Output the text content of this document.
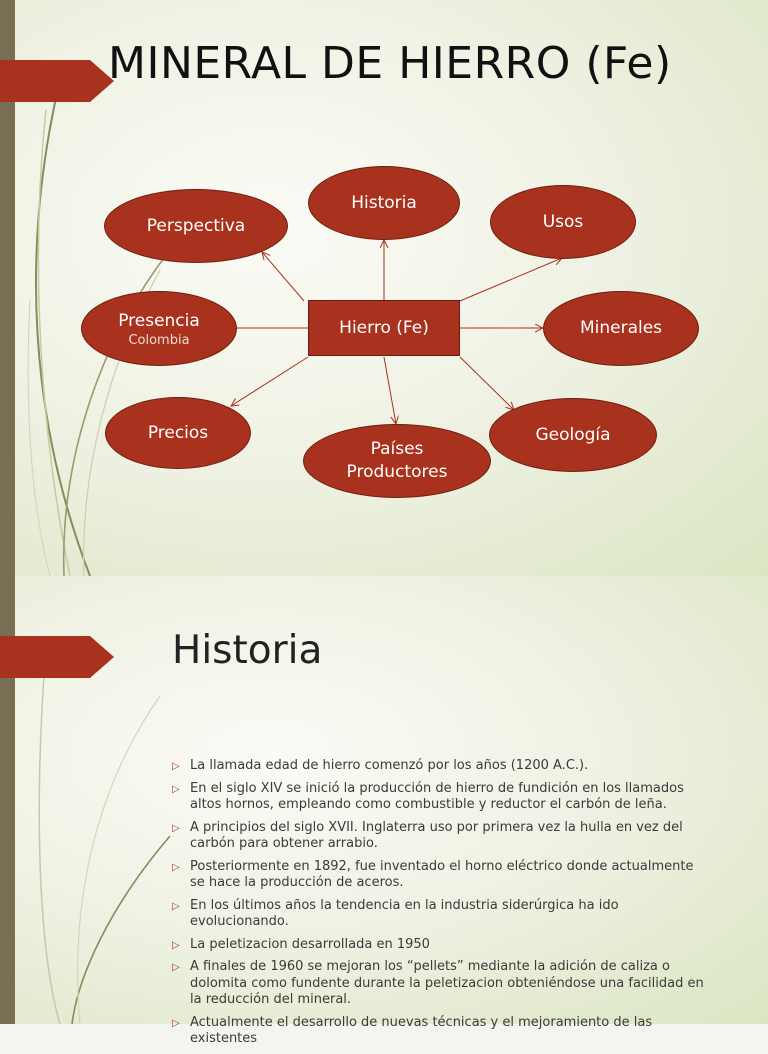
MINERAL DE HIERRO (Fe)
Hierro (Fe)
Perspectiva
Historia
Usos
Presencia
Colombia
Minerales
Precios
Países
Productores
Geología
Historia
▷ La llamada edad de hierro comenzó por los años (1200 A.C.).
▷ En el siglo XIV se inició la producción de hierro de fundición en los llamados altos hornos, empleando como combustible y reductor el carbón de leña.
▷ A principios del siglo XVII. Inglaterra uso por primera vez la hulla en vez del carbón para obtener arrabio.
▷ Posteriormente en 1892, fue inventado el horno eléctrico donde actualmente se hace la producción de aceros.
▷ En los últimos años la tendencia en la industria siderúrgica ha ido evolucionando.
▷ La peletizacion desarrollada en 1950
▷ A finales de 1960 se mejoran los “pellets” mediante la adición de caliza o dolomita como fundente durante la peletizacion obteniéndose una facilidad en la reducción del mineral.
▷ Actualmente el desarrollo de nuevas técnicas y el mejoramiento de las existentes
